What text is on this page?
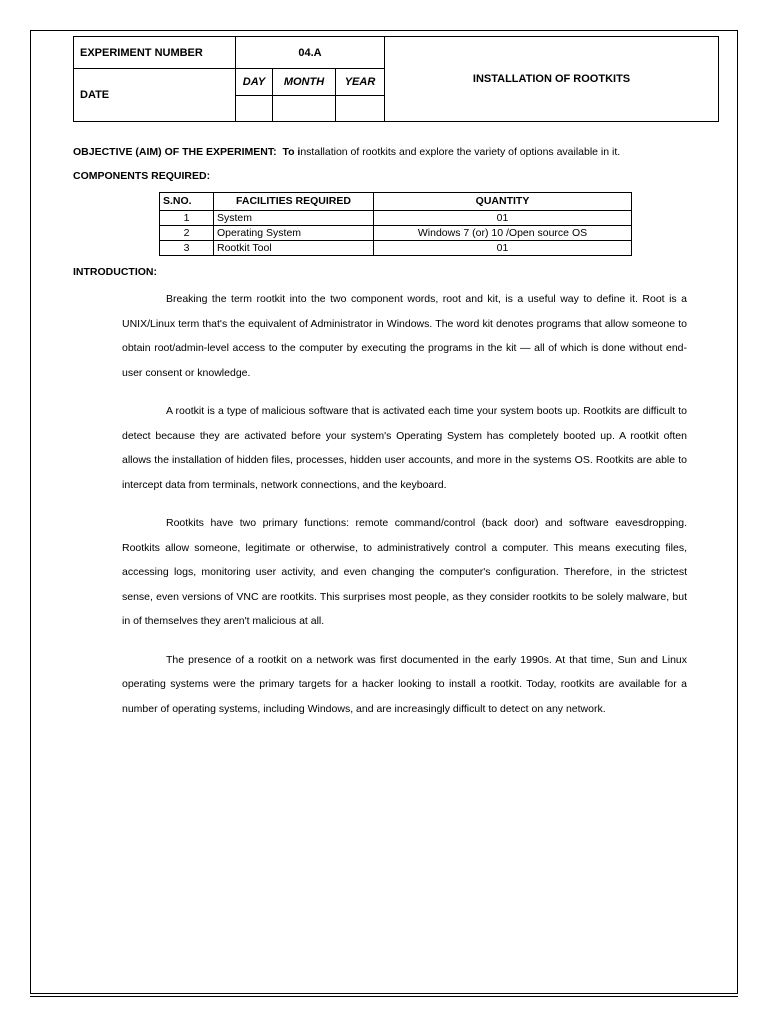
EXPERIMENT NUMBER	04.A			INSTALLATION OF ROOTKITS
DATE	DAY	MONTH	YEAR	

OBJECTIVE (AIM) OF THE EXPERIMENT: To installation of rootkits and explore the variety of options available in it.
COMPONENTS REQUIRED:
S.NO.	FACILITIES REQUIRED	QUANTITY
1	System	01
2	Operating System	Windows 7 (or) 10 /Open source OS
3	Rootkit Tool	01
INTRODUCTION:

Breaking the term rootkit into the two component words, root and kit, is a useful way to define it. Root is a UNIX/Linux term that's the equivalent of Administrator in Windows. The word kit denotes programs that allow someone to obtain root/admin-level access to the computer by executing the programs in the kit — all of which is done without end-user consent or knowledge.

A rootkit is a type of malicious software that is activated each time your system boots up. Rootkits are difficult to detect because they are activated before your system's Operating System has completely booted up. A rootkit often allows the installation of hidden files, processes, hidden user accounts, and more in the systems OS. Rootkits are able to intercept data from terminals, network connections, and the keyboard.

Rootkits have two primary functions: remote command/control (back door) and software eavesdropping. Rootkits allow someone, legitimate or otherwise, to administratively control a computer. This means executing files, accessing logs, monitoring user activity, and even changing the computer's configuration. Therefore, in the strictest sense, even versions of VNC are rootkits. This surprises most people, as they consider rootkits to be solely malware, but in of themselves they aren't malicious at all.

The presence of a rootkit on a network was first documented in the early 1990s. At that time, Sun and Linux operating systems were the primary targets for a hacker looking to install a rootkit. Today, rootkits are available for a number of operating systems, including Windows, and are increasingly difficult to detect on any network.
